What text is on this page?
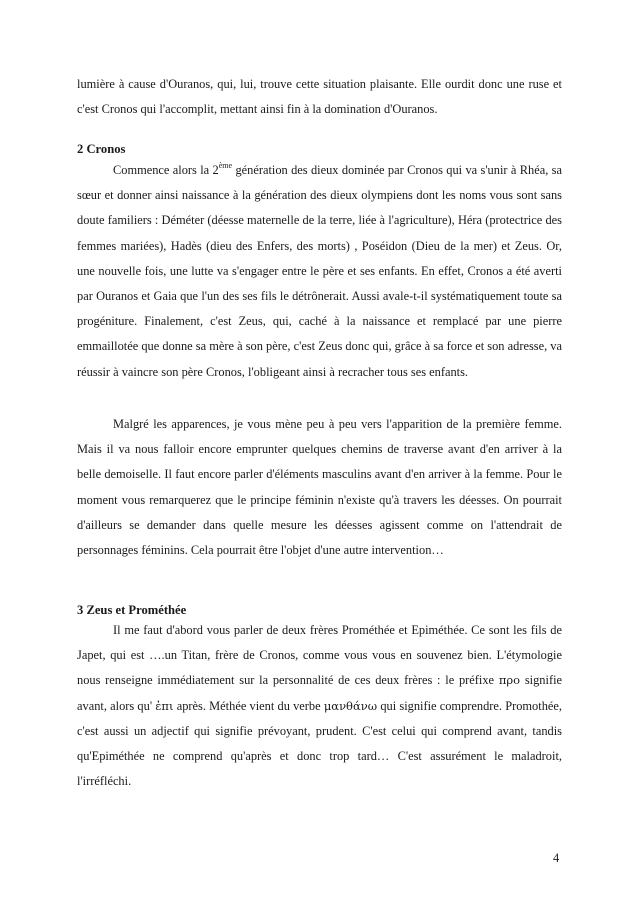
lumière à cause d'Ouranos, qui, lui, trouve cette situation plaisante. Elle ourdit donc une ruse et c'est Cronos qui l'accomplit, mettant ainsi fin à la domination d'Ouranos.

2 Cronos

Commence alors la 2ème génération des dieux dominée par Cronos qui va s'unir à Rhéa, sa sœur et donner ainsi naissance à la génération des dieux olympiens dont les noms vous sont sans doute familiers : Déméter (déesse maternelle de la terre, liée à l'agriculture), Héra (protectrice des femmes mariées), Hadès (dieu des Enfers, des morts) , Poséidon (Dieu de la mer) et Zeus. Or, une nouvelle fois, une lutte va s'engager entre le père et ses enfants. En effet, Cronos a été averti par Ouranos et Gaia que l'un des ses fils le détrônerait. Aussi avale-t-il systématiquement toute sa progéniture. Finalement, c'est Zeus, qui, caché à la naissance et remplacé par une pierre emmaillotée que donne sa mère à son père, c'est Zeus donc qui, grâce à sa force et son adresse, va réussir à vaincre son père Cronos, l'obligeant ainsi à recracher tous ses enfants.

Malgré les apparences, je vous mène peu à peu vers l'apparition de la première femme. Mais il va nous falloir encore emprunter quelques chemins de traverse avant d'en arriver à la belle demoiselle. Il faut encore parler d'éléments masculins avant d'en arriver à la femme. Pour le moment vous remarquerez que le principe féminin n'existe qu'à travers les déesses. On pourrait d'ailleurs se demander dans quelle mesure les déesses agissent comme on l'attendrait de personnages féminins. Cela pourrait être l'objet d'une autre intervention…

3 Zeus et Prométhée

Il me faut d'abord vous parler de deux frères Prométhée et Epiméthée. Ce sont les fils de Japet, qui est ….un Titan, frère de Cronos, comme vous vous en souvenez bien. L'étymologie nous renseigne immédiatement sur la personnalité de ces deux frères : le préfixe προ signifie avant, alors qu' ἐπι après. Méthée vient du verbe μανθάνω qui signifie comprendre. Promothée, c'est aussi un adjectif qui signifie prévoyant, prudent. C'est celui qui comprend avant, tandis qu'Epiméthée ne comprend qu'après et donc trop tard… C'est assurément le maladroit, l'irréfléchi.

4
